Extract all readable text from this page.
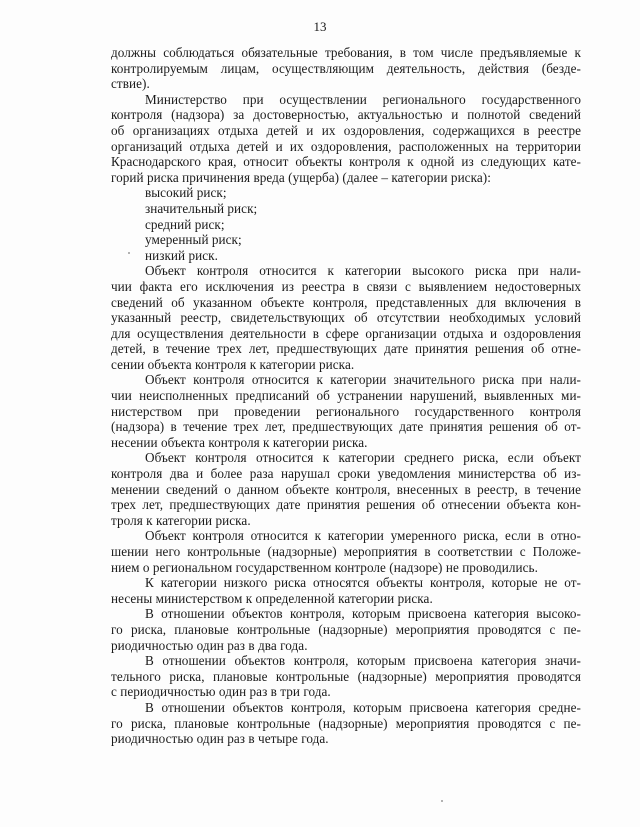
13
должны соблюдаться обязательные требования, в том числе предъявляемые к
контролируемым лицам, осуществляющим деятельность, действия (безде-
ствие).
Министерство при осуществлении регионального государственного
контроля (надзора) за достоверностью, актуальностью и полнотой сведений
об организациях отдыха детей и их оздоровления, содержащихся в реестре
организаций отдыха детей и их оздоровления, расположенных на территории
Краснодарского края, относит объекты контроля к одной из следующих кате-
горий риска причинения вреда (ущерба) (далее – категории риска):
высокий риск;
значительный риск;
средний риск;
умеренный риск;
низкий риск.
Объект контроля относится к категории высокого риска при нали-
чии факта его исключения из реестра в связи с выявлением недостоверных
сведений об указанном объекте контроля, представленных для включения в
указанный реестр, свидетельствующих об отсутствии необходимых условий
для осуществления деятельности в сфере организации отдыха и оздоровления
детей, в течение трех лет, предшествующих дате принятия решения об отне-
сении объекта контроля к категории риска.
Объект контроля относится к категории значительного риска при нали-
чии неисполненных предписаний об устранении нарушений, выявленных ми-
нистерством при проведении регионального государственного контроля
(надзора) в течение трех лет, предшествующих дате принятия решения об от-
несении объекта контроля к категории риска.
Объект контроля относится к категории среднего риска, если объект
контроля два и более раза нарушал сроки уведомления министерства об из-
менении сведений о данном объекте контроля, внесенных в реестр, в течение
трех лет, предшествующих дате принятия решения об отнесении объекта кон-
троля к категории риска.
Объект контроля относится к категории умеренного риска, если в отно-
шении него контрольные (надзорные) мероприятия в соответствии с Положе-
нием о региональном государственном контроле (надзоре) не проводились.
К категории низкого риска относятся объекты контроля, которые не от-
несены министерством к определенной категории риска.
В отношении объектов контроля, которым присвоена категория высоко-
го риска, плановые контрольные (надзорные) мероприятия проводятся с пе-
риодичностью один раз в два года.
В отношении объектов контроля, которым присвоена категория значи-
тельного риска, плановые контрольные (надзорные) мероприятия проводятся
с периодичностью один раз в три года.
В отношении объектов контроля, которым присвоена категория средне-
го риска, плановые контрольные (надзорные) мероприятия проводятся с пе-
риодичностью один раз в четыре года.
